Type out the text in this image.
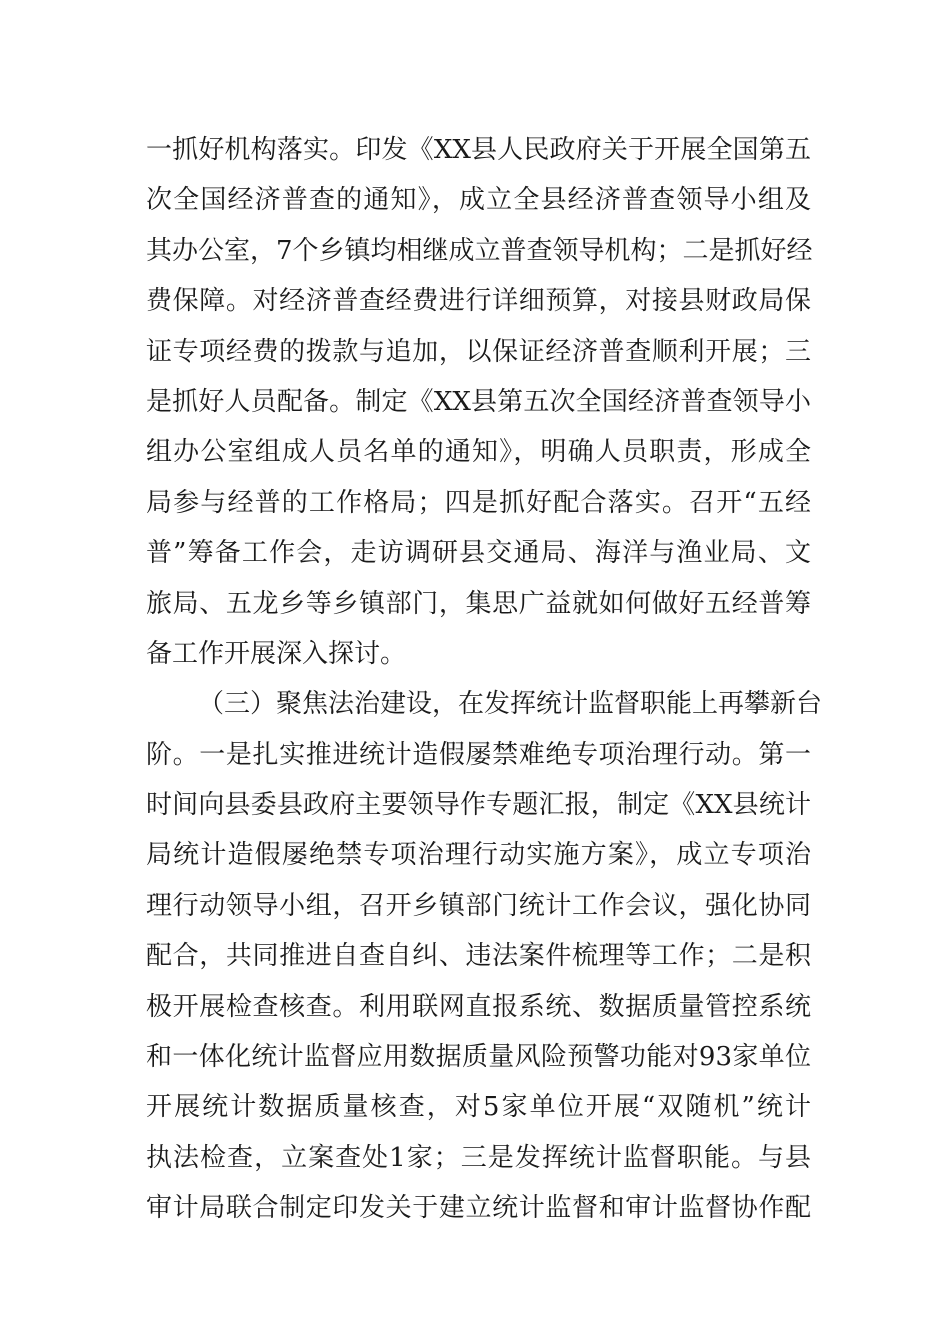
一抓好机构落实。印发《XX县人民政府关于开展全国第五
次全国经济普查的通知》，成立全县经济普查领导小组及
其办公室，7个乡镇均相继成立普查领导机构；二是抓好经
费保障。对经济普查经费进行详细预算，对接县财政局保
证专项经费的拨款与追加，以保证经济普查顺利开展；三
是抓好人员配备。制定《XX县第五次全国经济普查领导小
组办公室组成人员名单的通知》，明确人员职责，形成全
局参与经普的工作格局；四是抓好配合落实。召开“五经
普”筹备工作会，走访调研县交通局、海洋与渔业局、文
旅局、五龙乡等乡镇部门，集思广益就如何做好五经普筹
备工作开展深入探讨。
（三）聚焦法治建设，在发挥统计监督职能上再攀新台
阶。一是扎实推进统计造假屡禁难绝专项治理行动。第一
时间向县委县政府主要领导作专题汇报，制定《XX县统计
局统计造假屡绝禁专项治理行动实施方案》，成立专项治
理行动领导小组，召开乡镇部门统计工作会议，强化协同
配合，共同推进自查自纠、违法案件梳理等工作；二是积
极开展检查核查。利用联网直报系统、数据质量管控系统
和一体化统计监督应用数据质量风险预警功能对93家单位
开展统计数据质量核查，对5家单位开展“双随机”统计
执法检查，立案查处1家；三是发挥统计监督职能。与县
审计局联合制定印发关于建立统计监督和审计监督协作配
